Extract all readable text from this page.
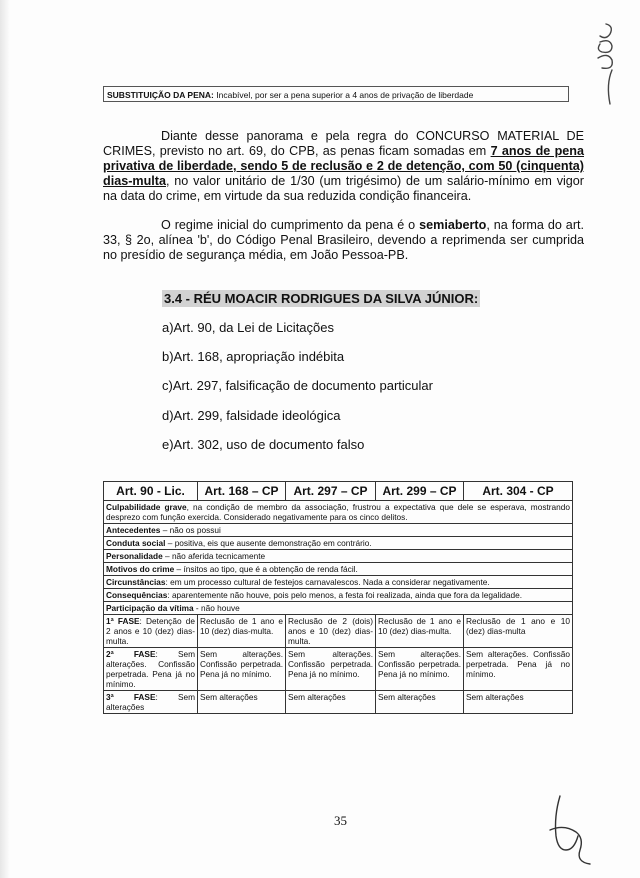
SUBSTITUIÇÃO DA PENA: Incabível, por ser a pena superior a 4 anos de privação de liberdade
Diante desse panorama e pela regra do CONCURSO MATERIAL DE CRIMES, previsto no art. 69, do CPB, as penas ficam somadas em 7 anos de pena privativa de liberdade, sendo 5 de reclusão e 2 de detenção, com 50 (cinquenta) dias-multa, no valor unitário de 1/30 (um trigésimo) de um salário-mínimo em vigor na data do crime, em virtude da sua reduzida condição financeira.
O regime inicial do cumprimento da pena é o semiaberto, na forma do art. 33, § 2o, alínea 'b', do Código Penal Brasileiro, devendo a reprimenda ser cumprida no presídio de segurança média, em João Pessoa-PB.
3.4 - RÉU MOACIR RODRIGUES DA SILVA JÚNIOR:
a)Art. 90, da Lei de Licitações
b)Art. 168, apropriação indébita
c)Art. 297, falsificação de documento particular
d)Art. 299, falsidade ideológica
e)Art. 302, uso de documento falso
Art. 90 - Lic.	Art. 168 – CP	Art. 297 – CP	Art. 299 – CP	Art. 304 - CP
Culpabilidade grave, na condição de membro da associação, frustrou a expectativa que dele se esperava, mostrando desprezo com função exercida. Considerado negativamente para os cinco delitos.				
Antecedentes – não os possui				
Conduta social – positiva, eis que ausente demonstração em contrário.				
Personalidade – não aferida tecnicamente				
Motivos do crime – ínsitos ao tipo, que é a obtenção de renda fácil.				
Circunstâncias: em um processo cultural de festejos carnavalescos. Nada a considerar negativamente.				
Consequências: aparentemente não houve, pois pelo menos, a festa foi realizada, ainda que fora da legalidade.				
Participação da vítima - não houve				
1ª FASE: Detenção de 2 anos e 10 (dez) dias-multa.	Reclusão de 1 ano e 10 (dez) dias-multa.	Reclusão de 2 (dois) anos e 10 (dez) dias-multa.	Reclusão de 1 ano e 10 (dez) dias-multa.	Reclusão de 1 ano e 10 (dez) dias-multa
2ª FASE: Sem alterações. Confissão perpetrada. Pena já no mínimo.	Sem alterações. Confissão perpetrada. Pena já no mínimo.	Sem alterações. Confissão perpetrada. Pena já no mínimo.	Sem alterações. Confissão perpetrada. Pena já no mínimo.	Sem alterações. Confissão perpetrada. Pena já no mínimo.
3ª FASE: Sem alterações	Sem alterações	Sem alterações	Sem alterações	Sem alterações
35
